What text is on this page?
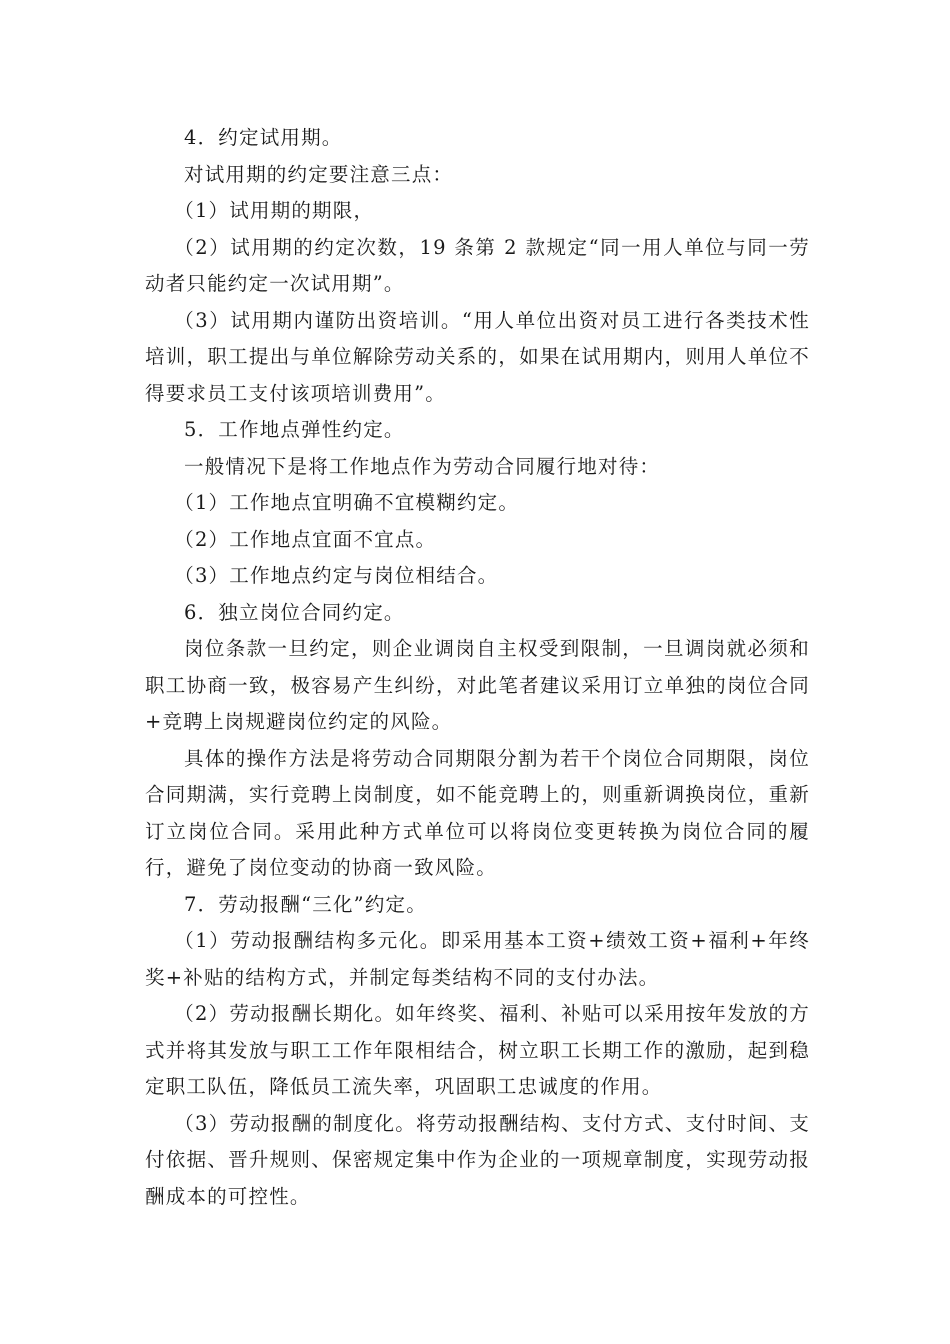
4．约定试用期。

对试用期的约定要注意三点：

（1）试用期的期限，

（2）试用期的约定次数，19 条第 2 款规定“同一用人单位与同一劳动者只能约定一次试用期”。

（3）试用期内谨防出资培训。“用人单位出资对员工进行各类技术性培训，职工提出与单位解除劳动关系的，如果在试用期内，则用人单位不得要求员工支付该项培训费用”。

5．工作地点弹性约定。

一般情况下是将工作地点作为劳动合同履行地对待：

（1）工作地点宜明确不宜模糊约定。

（2）工作地点宜面不宜点。

（3）工作地点约定与岗位相结合。

6．独立岗位合同约定。

岗位条款一旦约定，则企业调岗自主权受到限制，一旦调岗就必须和职工协商一致，极容易产生纠纷，对此笔者建议采用订立单独的岗位合同+竞聘上岗规避岗位约定的风险。

具体的操作方法是将劳动合同期限分割为若干个岗位合同期限，岗位合同期满，实行竞聘上岗制度，如不能竞聘上的，则重新调换岗位，重新订立岗位合同。采用此种方式单位可以将岗位变更转换为岗位合同的履行，避免了岗位变动的协商一致风险。

7．劳动报酬“三化”约定。

（1）劳动报酬结构多元化。即采用基本工资+绩效工资+福利+年终奖+补贴的结构方式，并制定每类结构不同的支付办法。

（2）劳动报酬长期化。如年终奖、福利、补贴可以采用按年发放的方式并将其发放与职工工作年限相结合，树立职工长期工作的激励，起到稳定职工队伍，降低员工流失率，巩固职工忠诚度的作用。

（3）劳动报酬的制度化。将劳动报酬结构、支付方式、支付时间、支付依据、晋升规则、保密规定集中作为企业的一项规章制度，实现劳动报酬成本的可控性。
